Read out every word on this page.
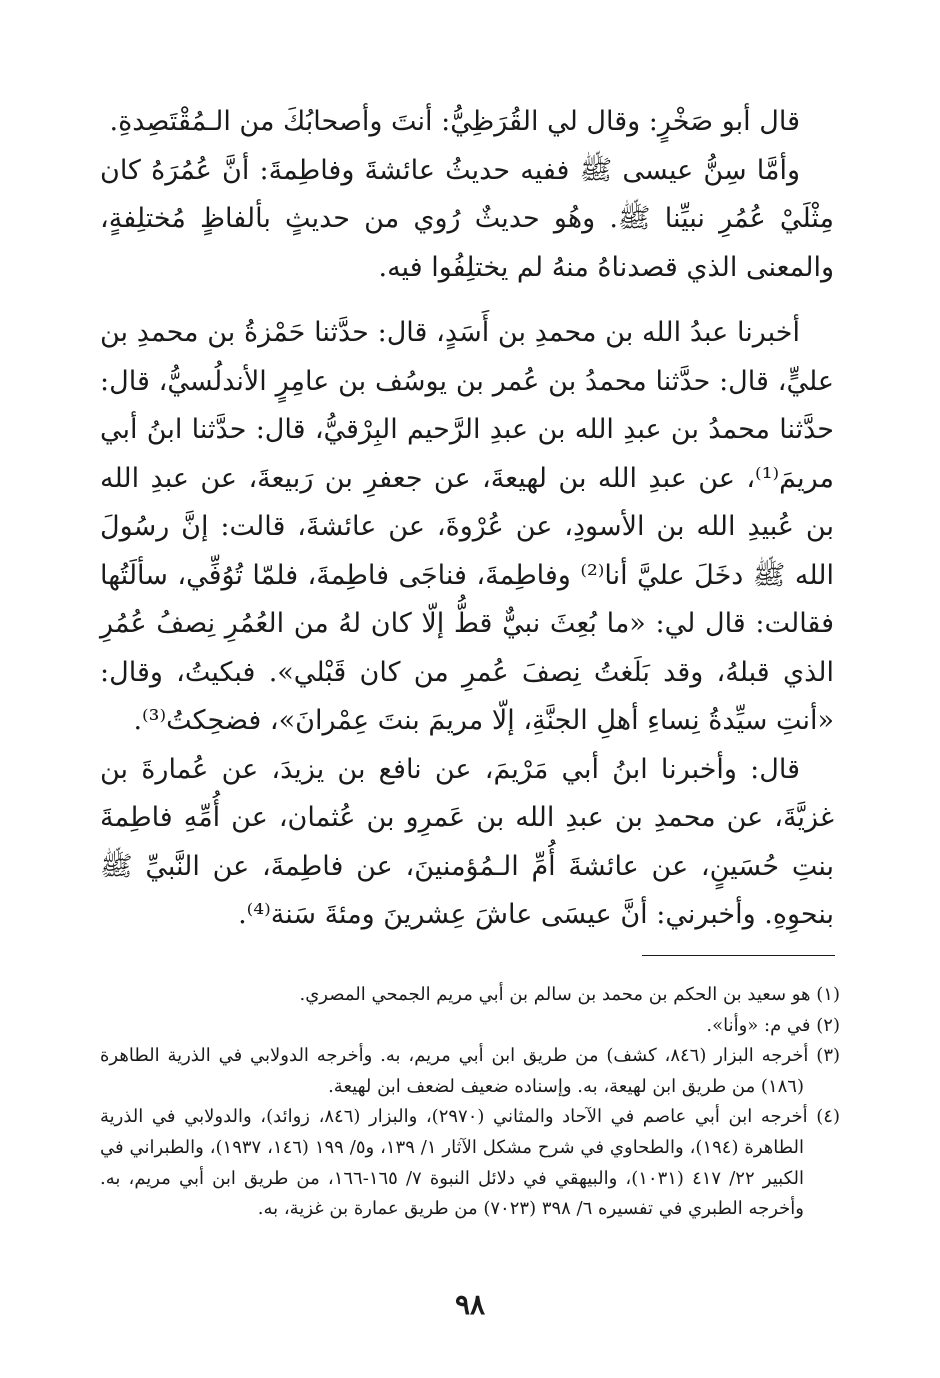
قال أبو صَخْرٍ: وقال لي القُرَظِيُّ: أنتَ وأصحابُكَ من الـمُقْتَصِدةِ.

وأمَّا سِنُّ عيسى ﷺ ففيه حديثُ عائشةَ وفاطِمةَ: أنَّ عُمُرَهُ كان مِثْلَيْ عُمُرِ نبيِّنا ﷺ. وهُو حديثٌ رُوي من حديثٍ بألفاظٍ مُختلِفةٍ، والمعنى الذي قصدناهُ منهُ لم يختلِفُوا فيه.

أخبرنا عبدُ الله بن محمدِ بن أَسَدٍ، قال: حدَّثنا حَمْزةُ بن محمدِ بن عليٍّ، قال: حدَّثنا محمدُ بن عُمر بن يوسُف بن عامِرٍ الأندلُسيُّ، قال: حدَّثنا محمدُ بن عبدِ الله بن عبدِ الرَّحيم البِرْقيُّ، قال: حدَّثنا ابنُ أبي مريمَ⁽¹⁾، عن عبدِ الله بن لهيعةَ، عن جعفرِ بن رَبيعةَ، عن عبدِ الله بن عُبيدِ الله بن الأسودِ، عن عُرْوةَ، عن عائشةَ، قالت: إنَّ رسُولَ الله ﷺ دخَلَ عليَّ أنا⁽²⁾ وفاطِمةَ، فناجَى فاطِمةَ، فلمّا تُوُفِّي، سألَتُها فقالت: قال لي: «ما بُعِثَ نبيٌّ قطُّ إلّا كان لهُ من العُمُرِ نِصفُ عُمُرِ الذي قبلهُ، وقد بَلَغتُ نِصفَ عُمرِ من كان قَبْلي». فبكيتُ، وقال: «أنتِ سيِّدةُ نِساءِ أهلِ الجنَّةِ، إلّا مريمَ بنتَ عِمْرانَ»، فضحِكتُ⁽³⁾.

قال: وأخبرنا ابنُ أبي مَرْيمَ، عن نافع بن يزيدَ، عن عُمارةَ بن غزيَّةَ، عن محمدِ بن عبدِ الله بن عَمرِو بن عُثمان، عن أُمِّهِ فاطِمةَ بنتِ حُسَينٍ، عن عائشةَ أُمِّ الـمُؤمنينَ، عن فاطِمةَ، عن النَّبيِّ ﷺ بنحوِهِ. وأخبرني: أنَّ عيسَى عاشَ عِشرينَ ومئةَ سَنة⁽⁴⁾.

(١) هو سعيد بن الحكم بن محمد بن سالم بن أبي مريم الجمحي المصري.

(٢) في م: «وأنا».

(٣) أخرجه البزار (٨٤٦، كشف) من طريق ابن أبي مريم، به. وأخرجه الدولابي في الذرية الطاهرة (١٨٦) من طريق ابن لهيعة، به. وإسناده ضعيف لضعف ابن لهيعة.

(٤) أخرجه ابن أبي عاصم في الآحاد والمثاني (٢٩٧٠)، والبزار (٨٤٦، زوائد)، والدولابي في الذرية الطاهرة (١٩٤)، والطحاوي في شرح مشكل الآثار ١/ ١٣٩، و٥/ ١٩٩ (١٤٦، ١٩٣٧)، والطبراني في الكبير ٢٢/ ٤١٧ (١٠٣١)، والبيهقي في دلائل النبوة ٧/ ١٦٥-١٦٦، من طريق ابن أبي مريم، به. وأخرجه الطبري في تفسيره ٦/ ٣٩٨ (٧٠٢٣) من طريق عمارة بن غزية، به.

٩٨
